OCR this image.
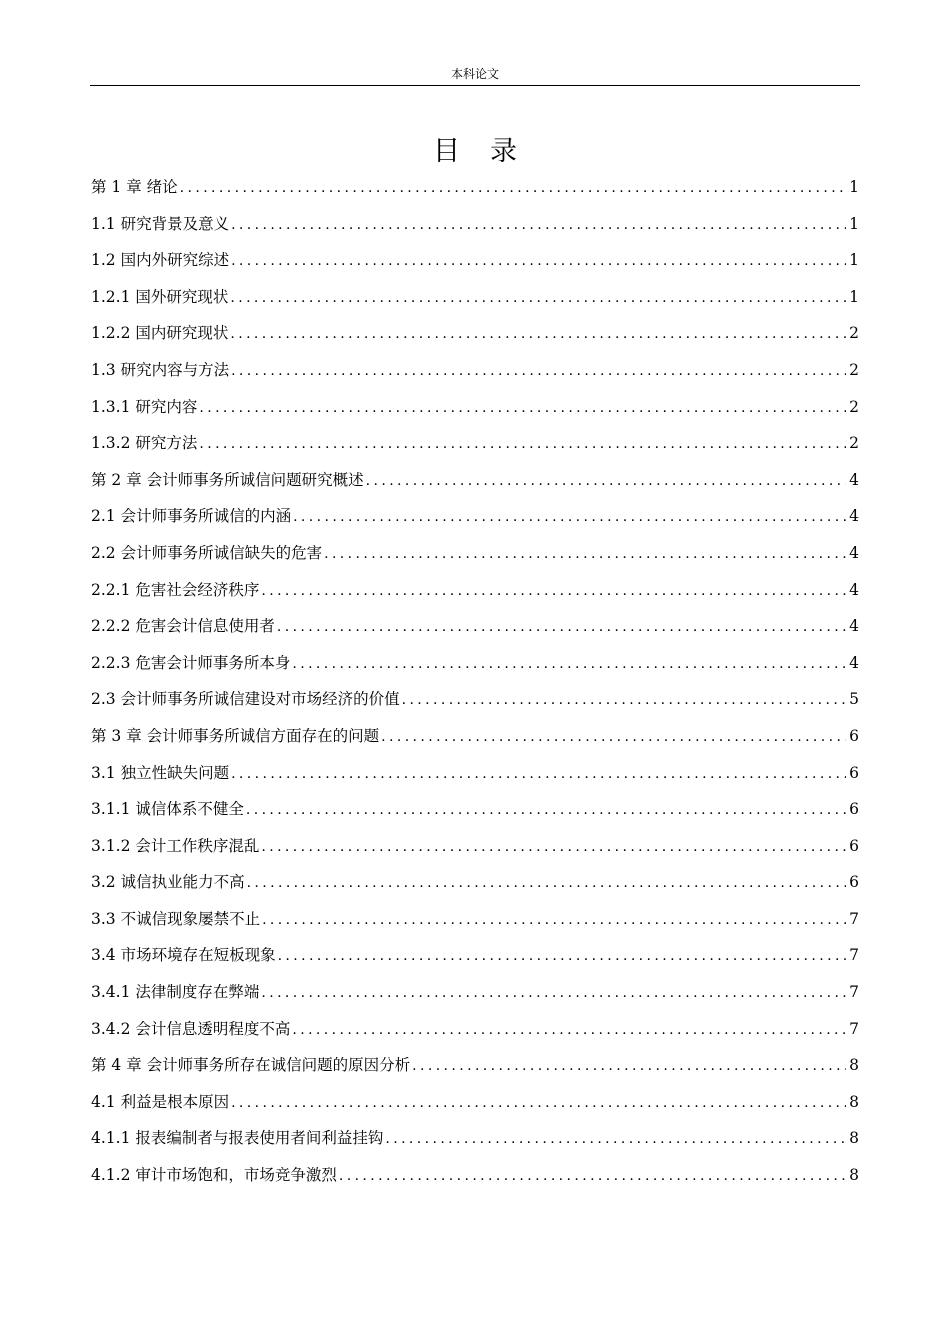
本科论文
目录
第 1 章 绪论 .....	1
1.1 研究背景及意义 .....	1
1.2 国内外研究综述 .....	1
1.2.1 国外研究现状 .....	1
1.2.2 国内研究现状 .....	2
1.3 研究内容与方法 .....	2
1.3.1 研究内容 .....	2
1.3.2 研究方法 .....	2
第 2 章 会计师事务所诚信问题研究概述 .....	4
2.1 会计师事务所诚信的内涵 .....	4
2.2 会计师事务所诚信缺失的危害 .....	4
2.2.1 危害社会经济秩序 .....	4
2.2.2 危害会计信息使用者 .....	4
2.2.3 危害会计师事务所本身 .....	4
2.3 会计师事务所诚信建设对市场经济的价值 .....	5
第 3 章 会计师事务所诚信方面存在的问题 .....	6
3.1 独立性缺失问题 .....	6
3.1.1 诚信体系不健全 .....	6
3.1.2 会计工作秩序混乱 .....	6
3.2 诚信执业能力不高 .....	6
3.3 不诚信现象屡禁不止 .....	7
3.4 市场环境存在短板现象 .....	7
3.4.1 法律制度存在弊端 .....	7
3.4.2 会计信息透明程度不高 .....	7
第 4 章 会计师事务所存在诚信问题的原因分析 .....	8
4.1 利益是根本原因 .....	8
4.1.1 报表编制者与报表使用者间利益挂钩 .....	8
4.1.2 审计市场饱和，市场竞争激烈 .....	8
